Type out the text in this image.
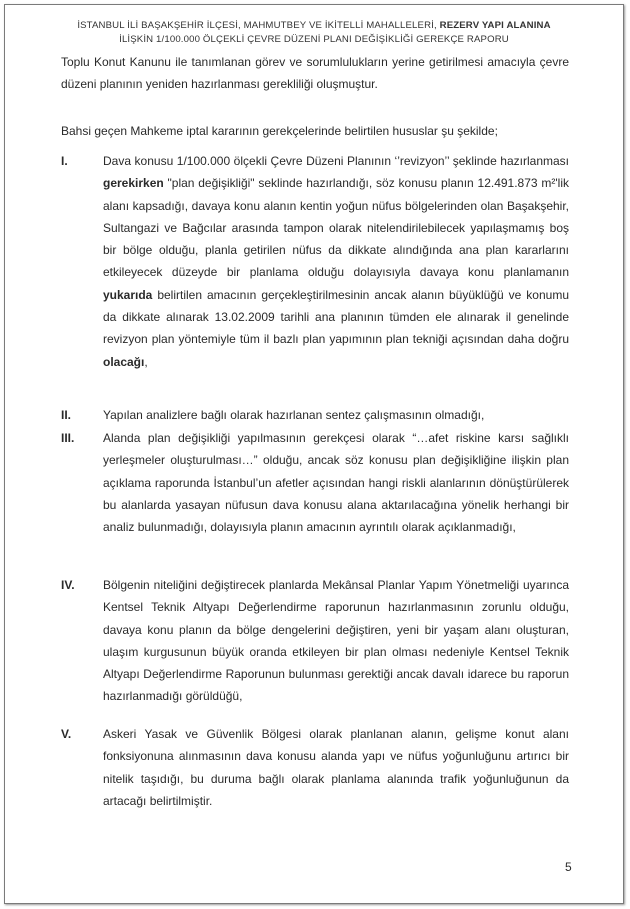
İSTANBUL İLİ BAŞAKŞEHİR İLÇESİ, MAHMUTBEY VE İKİTELLİ MAHALLELERİ, REZERV YAPI ALANINA
İLİŞKİN 1/100.000 ÖLÇEKLİ ÇEVRE DÜZENİ PLANI DEĞİŞİKLİĞİ GEREKÇE RAPORU

Toplu Konut Kanunu ile tanımlanan görev ve sorumlulukların yerine getirilmesi amacıyla çevre düzeni planının yeniden hazırlanması gerekliliği oluşmuştur.

Bahsi geçen Mahkeme iptal kararının gerekçelerinde belirtilen hususlar şu şekilde;

I.	Dava konusu 1/100.000 ölçekli Çevre Düzeni Planının ‘’revizyon’’ şeklinde hazırlanması gerekirken "plan değişikliği" seklinde hazırlandığı, söz konusu planın 12.491.873 m²'lik alanı kapsadığı, davaya konu alanın kentin yoğun nüfus bölgelerinden olan Başakşehir, Sultangazi ve Bağcılar arasında tampon olarak nitelendirilebilecek yapılaşmamış boş bir bölge olduğu, planla getirilen nüfus da dikkate alındığında ana plan kararlarını etkileyecek düzeyde bir planlama olduğu dolayısıyla davaya konu planlamanın yukarıda belirtilen amacının gerçekleştirilmesinin ancak alanın büyüklüğü ve konumu da dikkate alınarak 13.02.2009 tarihli ana planının tümden ele alınarak il genelinde revizyon plan yöntemiyle tüm il bazlı plan yapımının plan tekniği açısından daha doğru olacağı,
II.	Yapılan analizlere bağlı olarak hazırlanan sentez çalışmasının olmadığı,
III.	Alanda plan değişikliği yapılmasının gerekçesi olarak “…afet riskine karsı sağlıklı yerleşmeler oluşturulması…” olduğu, ancak söz konusu plan değişikliğine ilişkin plan açıklama raporunda İstanbul’un afetler açısından hangi riskli alanlarının dönüştürülerek bu alanlarda yasayan nüfusun dava konusu alana aktarılacağına yönelik herhangi bir analiz bulunmadığı, dolayısıyla planın amacının ayrıntılı olarak açıklanmadığı,
IV.	Bölgenin niteliğini değiştirecek planlarda Mekânsal Planlar Yapım Yönetmeliği uyarınca Kentsel Teknik Altyapı Değerlendirme raporunun hazırlanmasının zorunlu olduğu, davaya konu planın da bölge dengelerini değiştiren, yeni bir yaşam alanı oluşturan, ulaşım kurgusunun büyük oranda etkileyen bir plan olması nedeniyle Kentsel Teknik Altyapı Değerlendirme Raporunun bulunması gerektiği ancak davalı idarece bu raporun hazırlanmadığı görüldüğü,
V.	Askeri Yasak ve Güvenlik Bölgesi olarak planlanan alanın, gelişme konut alanı fonksiyonuna alınmasının dava konusu alanda yapı ve nüfus yoğunluğunu artırıcı bir nitelik taşıdığı, bu duruma bağlı olarak planlama alanında trafik yoğunluğunun da artacağı belirtilmiştir.
5
